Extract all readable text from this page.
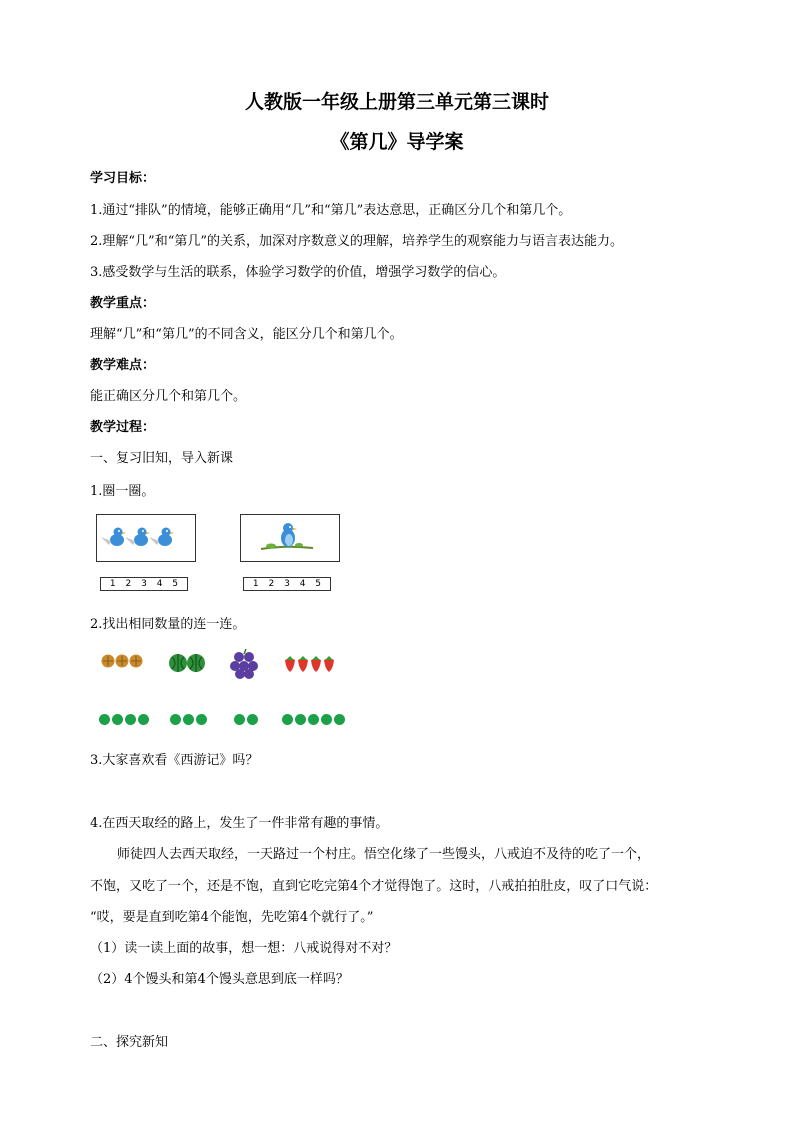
人教版一年级上册第三单元第三课时
《第几》导学案
学习目标：
1.通过“排队”的情境，能够正确用“几”和“第几”表达意思，正确区分几个和第几个。
2.理解“几”和“第几”的关系，加深对序数意义的理解，培养学生的观察能力与语言表达能力。
3.感受数学与生活的联系，体验学习数学的价值，增强学习数学的信心。
教学重点：
理解“几”和“第几”的不同含义，能区分几个和第几个。
教学难点：
能正确区分几个和第几个。
教学过程：
一、复习旧知，导入新课
1.圈一圈。
1 2 3 4 5	1 2 3 4 5
2.找出相同数量的连一连。
3.大家喜欢看《西游记》吗？
4.在西天取经的路上，发生了一件非常有趣的事情。
师徒四人去西天取经，一天路过一个村庄。悟空化缘了一些馒头，八戒迫不及待的吃了一个，
不饱，又吃了一个，还是不饱，直到它吃完第4个才觉得饱了。这时，八戒拍拍肚皮，叹了口气说：
“哎，要是直到吃第4个能饱，先吃第4个就行了。”
（1）读一读上面的故事，想一想：八戒说得对不对？
（2）4个馒头和第4个馒头意思到底一样吗？
二、探究新知
